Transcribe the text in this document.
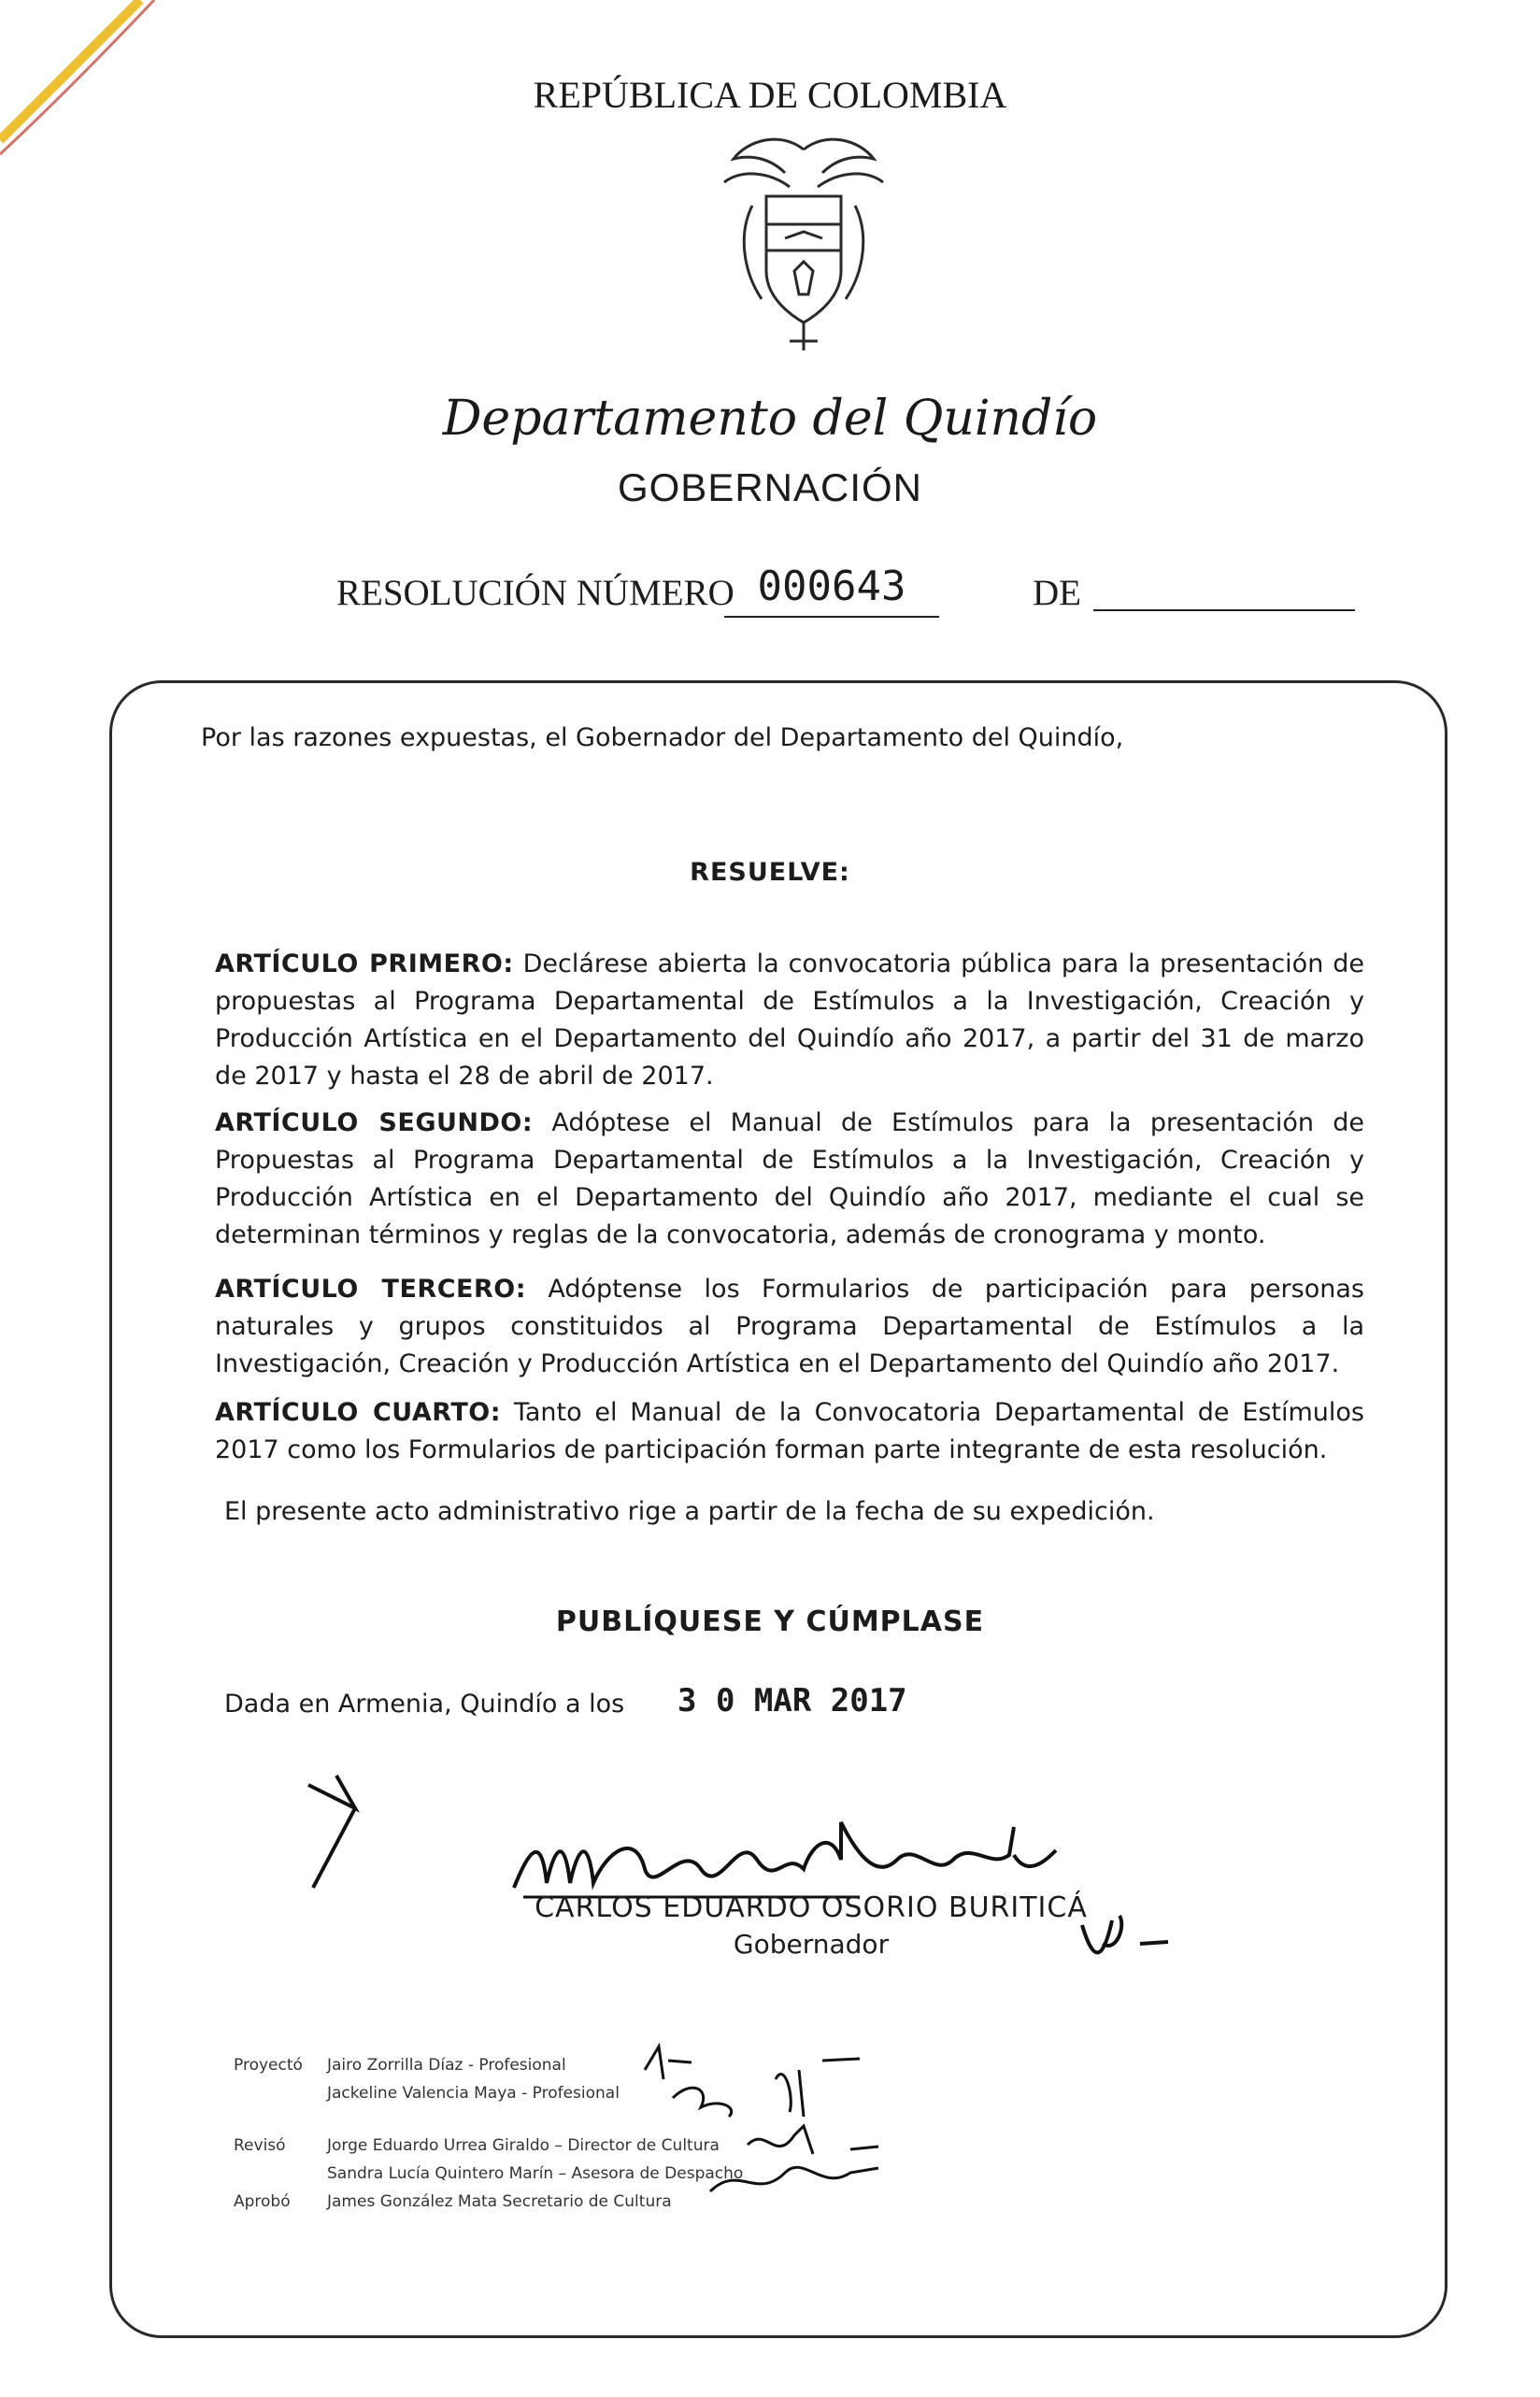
REPÚBLICA DE COLOMBIA
Departamento del Quindío
GOBERNACIÓN
RESOLUCIÓN NÚMERO 000643	DE
Por las razones expuestas, el Gobernador del Departamento del Quindío,
RESUELVE:
ARTÍCULO PRIMERO: Declárese abierta la convocatoria pública para la presentación de propuestas al Programa Departamental de Estímulos a la Investigación, Creación y Producción Artística en el Departamento del Quindío año 2017, a partir del 31 de marzo de 2017 y hasta el 28 de abril de 2017.
ARTÍCULO SEGUNDO: Adóptese el Manual de Estímulos para la presentación de Propuestas al Programa Departamental de Estímulos a la Investigación, Creación y Producción Artística en el Departamento del Quindío año 2017, mediante el cual se determinan términos y reglas de la convocatoria, además de cronograma y monto.
ARTÍCULO TERCERO: Adóptense los Formularios de participación para personas naturales y grupos constituidos al Programa Departamental de Estímulos a la Investigación, Creación y Producción Artística en el Departamento del Quindío año 2017.
ARTÍCULO CUARTO: Tanto el Manual de la Convocatoria Departamental de Estímulos 2017 como los Formularios de participación forman parte integrante de esta resolución.
El presente acto administrativo rige a partir de la fecha de su expedición.
PUBLÍQUESE Y CÚMPLASE
Dada en Armenia, Quindío a los 3 0 MAR 2017
CARLOS EDUARDO OSORIO BURITICÁ
Gobernador
Proyectó	Jairo Zorrilla Díaz - Profesional
Jackeline Valencia Maya - Profesional
Revisó	Jorge Eduardo Urrea Giraldo – Director de Cultura
Sandra Lucía Quintero Marín – Asesora de Despacho
Aprobó	James González Mata Secretario de Cultura
